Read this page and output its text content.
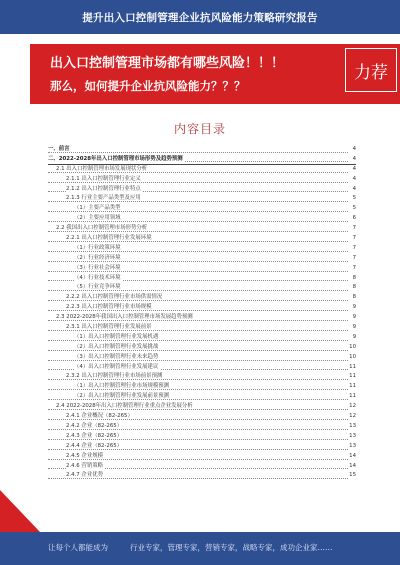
提升出入口控制管理企业抗风险能力策略研究报告
出入口控制管理市场都有哪些风险！！！
那么，如何提升企业抗风险能力？？？
力荐
内容目录
一、前言	4
二、2022-2028年出入口控制管理市场形势及趋势预测	4
2.1 出入口控制管理市场发展现状分析	4
2.1.1 出入口控制管理行业定义	4
2.1.2 出入口控制管理行业特点	4
2.1.3 行业主要产品类型及应用	5
（1）主要产品类型	5
（2）主要应用领域	6
2.2 我国出入口控制管理市场形势分析	7
2.2.1 出入口控制管理行业发展环境	7
（1）行业政策环境	7
（2）行业经济环境	7
（3）行业社会环境	7
（4）行业技术环境	8
（5）行业竞争环境	8
2.2.2 出入口控制管理行业市场供需情况	8
2.2.3 出入口控制管理行业市场规模	9
2.3 2022-2028年我国出入口控制管理市场发展趋势预测	9
2.3.1 出入口控制管理行业发展前景	9
（1）出入口控制管理行业发展机遇	9
（2）出入口控制管理行业发展挑战	10
（3）出入口控制管理行业未来趋势	10
（4）出入口控制管理行业发展建议	11
2.3.2 出入口控制管理行业市场前景预测	11
（1）出入口控制管理行业市场规模预测	11
（2）出入口控制管理行业发展前景预测	11
2.4 2022-2028年出入口控制管理行业重点企业发展分析	12
2.4.1 企业概况（82-265）	12
2.4.2 企业（82-265）	13
2.4.3 企业（82-265）	13
2.4.4 企业（82-265）	13
2.4.5 企业规模	14
2.4.6 营销策略	14
2.4.7 企业优势	15
让每个人都能成为	行业专家，管理专家，营销专家，战略专家，成功企业家……
